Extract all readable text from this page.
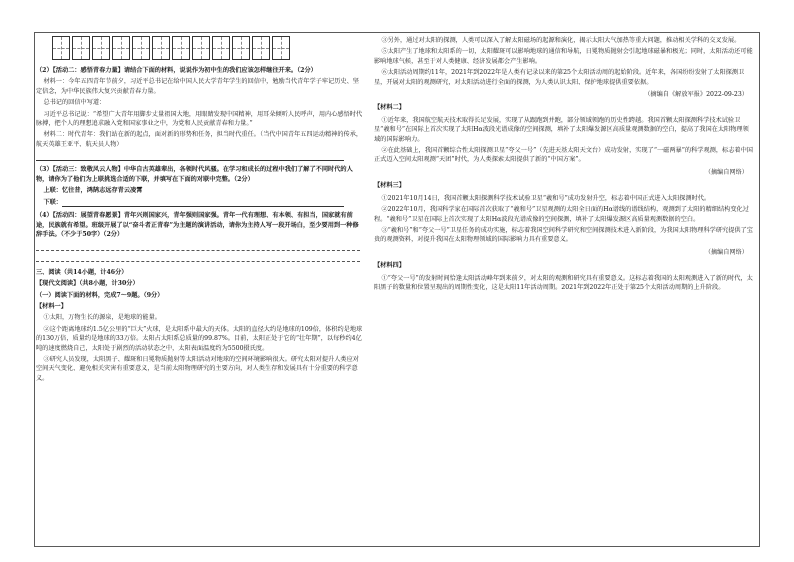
（2）【活动二：感悟青春力量】请结合下面的材料，说说作为初中生的我们应该怎样继往开来。（2分）

材料一：今年五四青年节前夕，习近平总书记在给中国人民大学青年学生的回信中，勉励当代青年学子牢记历史、坚定信念，为中华民族伟大复兴贡献青春力量。

总书记的回信中写道：

习近平总书记说：“希望广大青年用脚步丈量祖国大地，用眼睛发现中国精神，用耳朵倾听人民呼声，用内心感悟时代脉搏，把个人的理想追求融入党和国家事业之中，为党和人民贡献青春和力量。”

材料二：时代青年：我们站在新的起点，面对新的形势和任务，担当时代重任。（当代中国青年五四运动精神的传承，航天英雄王亚平、航天员人物）

（3）【活动三：致敬风云人物】中华自古英雄辈出，各领时代风骚。在学习和成长的过程中我们了解了不同时代的人物，请你为了他们为上联挑选合适的下联，并填写在下面的对联中完整。（2分）

上联：忆往昔，鸿鹄志远存青云凌霄

下联：

（4）【活动四：展望青春愿景】青年兴则国家兴，青年强则国家强。青年一代有理想、有本领、有担当，国家就有前途，民族就有希望。班级开展了以“奋斗者正青春”为主题的演讲活动，请你为主持人写一段开场白，至少要用到一种修辞手法。（不少于50字）（2分）

三、阅读（共14小题，计46分）

【现代文阅读】（共8小题，计30分）

（一）阅读下面的材料，完成7～9题。（9分）

【材料一】

①太阳，万物生长的源泉，是地球的能量。

②这个距离地球约1.5亿公里的“巨大”火球，是太阳系中最大的天体。太阳的直径大约是地球的109倍，体积约是地球的130万倍，质量约是地球的33万倍。太阳占太阳系总质量的99.87%。目前，太阳正处于它的“壮年期”，以每秒约4亿吨的速度燃烧自己，太阳处于剧烈的活动状态之中，太阳表面温度约为5500摄氏度。

③研究人员发现，太阳黑子、耀斑和日冕物质抛射等太阳活动对地球的空间环境影响很大。研究太阳对提升人类应对空间天气变化、避免相关灾害有重要意义，是当前太阳物理研究的主要方向，对人类生存和发展具有十分重要的科学意义。

③另外，通过对太阳的探测，人类可以深入了解太阳磁场的起源和演化，揭示太阳大气加热等重大问题，推动相关学科的交叉发展。

⑤太阳产生了地球和太阳系的一切，太阳耀斑可以影响地球的通信和导航，日冕物质抛射会引起地球磁暴和极光；同时，太阳活动还可能影响地球气候，甚至于对人类健康、经济发展都会产生影响。

⑥太阳活动周期约11年，2021年到2022年是人类有记录以来的第25个太阳活动周的起始阶段。近年来，各国纷纷发射了太阳探测卫星，开展对太阳的观测研究，对太阳活动进行全面的探测，为人类认识太阳、保护地球提供重要依据。

（摘编自《解放军报》2022-09-23）

【材料二】

①近年来，我国航空航天技术取得长足发展，实现了从跟跑到并跑，部分领域领跑的历史性跨越。我国首颗太阳探测科学技术试验卫星“羲和号”在国际上首次实现了太阳Hα波段光谱成像的空间探测，填补了太阳爆发源区高质量观测数据的空白，提高了我国在太阳物理领域的国际影响力。

②在此基础上，我国首颗综合性太阳探测卫星“夸父一号”（先进天基太阳天文台）成功发射，实现了“一磁两暴”的科学观测，标志着中国正式迈入空间太阳观测“天团”时代，为人类探索太阳提供了新的“中国方案”。

（摘编自网络）

【材料三】

①2021年10月14日，我国首颗太阳探测科学技术试验卫星“羲和号”成功发射升空，标志着中国正式进入太阳探测时代。

②2022年10月，我国科学家在国际首次获取了“羲和号”卫星观测的太阳全日面的Hα谱线的谱线结构，观测到了太阳的精细结构变化过程。“羲和号”卫星在国际上首次实现了太阳Hα波段光谱成像的空间探测，填补了太阳爆发源区高质量观测数据的空白。

③“羲和号”和“夸父一号”卫星任务的成功实施，标志着我国空间科学研究和空间探测技术进入新阶段，为我国太阳物理科学研究提供了宝贵的观测资料，对提升我国在太阳物理领域的国际影响力具有重要意义。

（摘编自网络）

【材料四】

①“夸父一号”的发射时间恰逢太阳活动峰年到来前夕，对太阳的观测和研究具有重要意义。这标志着我国的太阳观测进入了新的时代，太阳黑子的数量和位置呈现出的周期性变化，这是太阳11年活动周期。2021年到2022年正处于第25个太阳活动周期的上升阶段。
